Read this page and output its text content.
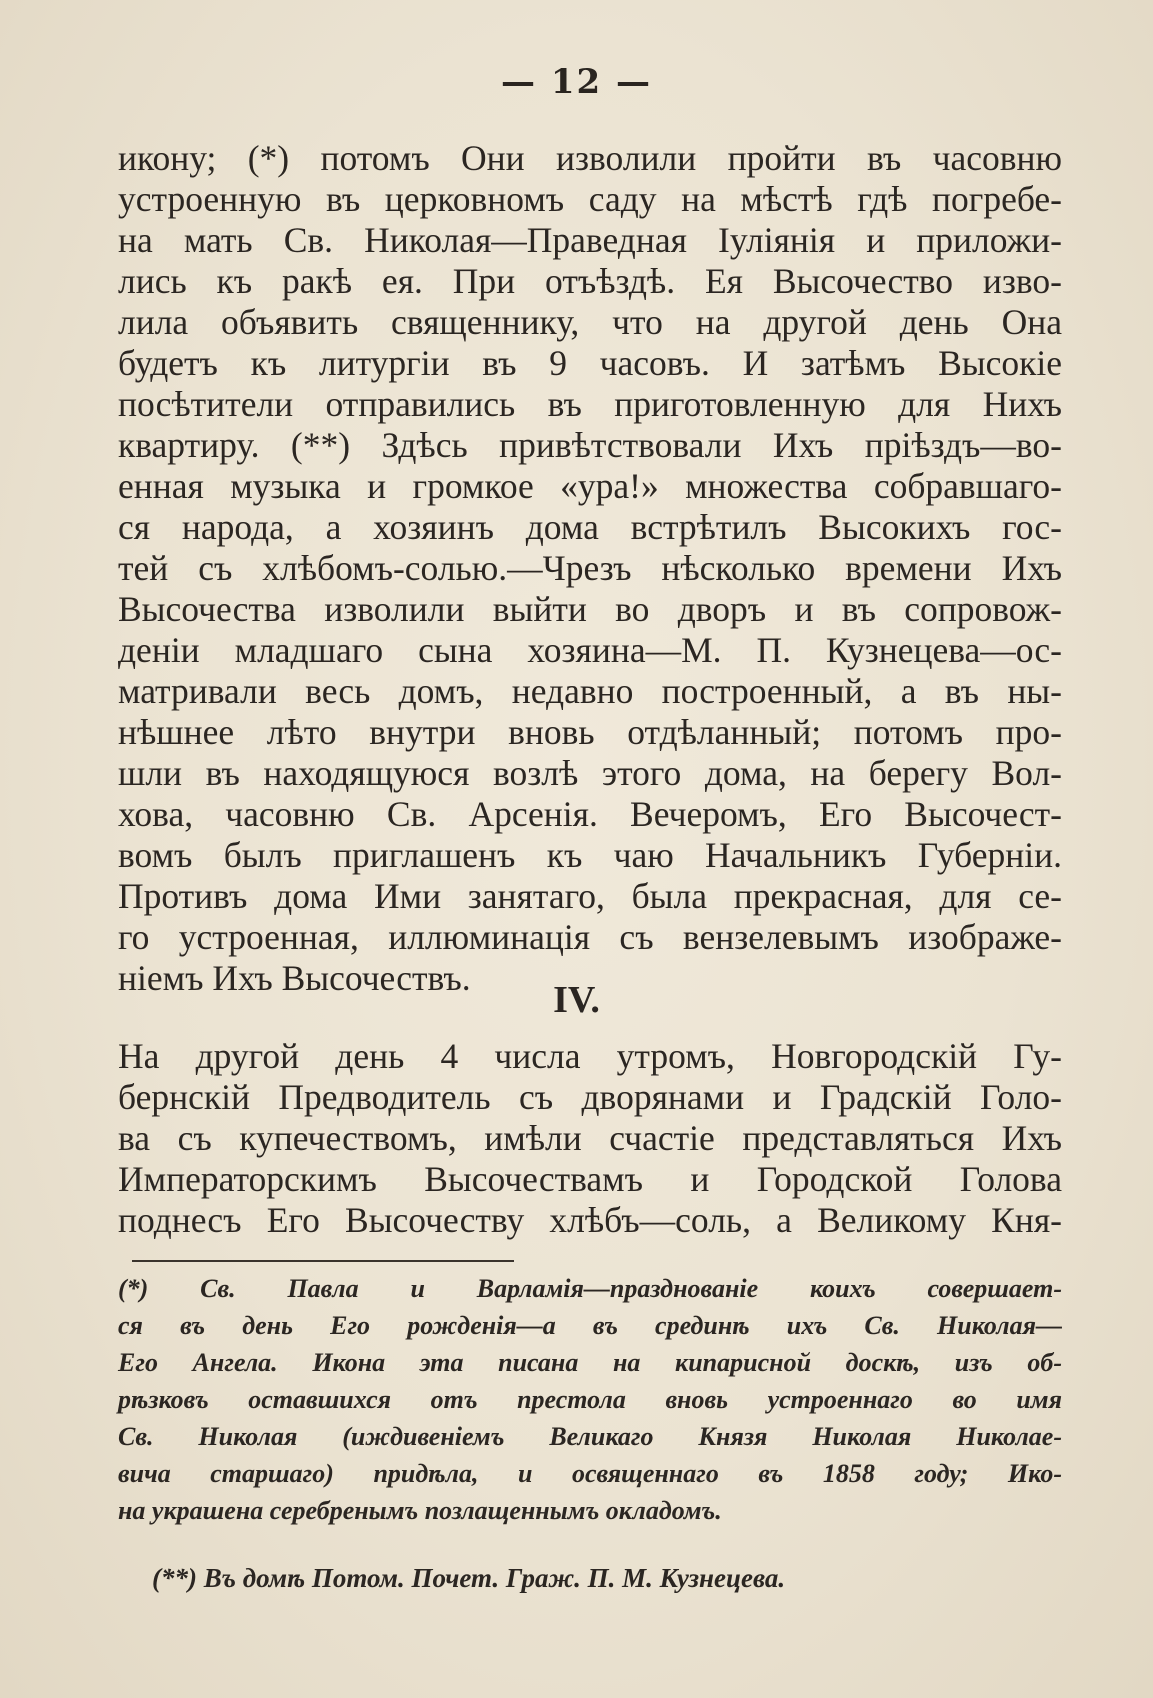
— 12 —
икону; (*) потомъ Они изволили пройти въ часовню
устроенную въ церковномъ саду на мѣстѣ гдѣ погребе-
на мать Св. Николая—Праведная Іуліянія и приложи-
лись къ ракѣ ея. При отъѣздѣ. Ея Высочество изво-
лила объявить священнику, что на другой день Она
будетъ къ литургіи въ 9 часовъ. И затѣмъ Высокіе
посѣтители отправились въ приготовленную для Нихъ
квартиру. (**) Здѣсь привѣтствовали Ихъ пріѣздъ—во-
енная музыка и громкое «ура!» множества собравшаго-
ся народа, а хозяинъ дома встрѣтилъ Высокихъ гос-
тей съ хлѣбомъ-солью.—Чрезъ нѣсколько времени Ихъ
Высочества изволили выйти во дворъ и въ сопровож-
деніи младшаго сына хозяина—М. П. Кузнецева—ос-
матривали весь домъ, недавно построенный, а въ ны-
нѣшнее лѣто внутри вновь отдѣланный; потомъ про-
шли въ находящуюся возлѣ этого дома, на берегу Вол-
хова, часовню Св. Арсенія. Вечеромъ, Его Высочест-
вомъ былъ приглашенъ къ чаю Начальникъ Губерніи.
Противъ дома Ими занятаго, была прекрасная, для се-
го устроенная, иллюминація съ вензелевымъ изображе-
ніемъ Ихъ Высочествъ.
IV.
На другой день 4 числа утромъ, Новгородскій Гу-
бернскій Предводитель съ дворянами и Градскій Голо-
ва съ купечествомъ, имѣли счастіе представляться Ихъ
Императорскимъ Высочествамъ и Городской Голова
поднесъ Его Высочеству хлѣбъ—соль, а Великому Кня-
(*) Св. Павла и Варламія—празднованіе коихъ совершает-
ся въ день Его рожденія—а въ срединѣ ихъ Св. Николая—
Его Ангела. Икона эта писана на кипарисной доскѣ, изъ об-
рѣзковъ оставшихся отъ престола вновь устроеннаго во имя
Св. Николая (иждивеніемъ Великаго Князя Николая Николае-
вича старшаго) придѣла, и освященнаго въ 1858 году; Ико-
на украшена серебренымъ позлащеннымъ окладомъ.
(**) Въ домѣ Потом. Почет. Граж. П. М. Кузнецева.
